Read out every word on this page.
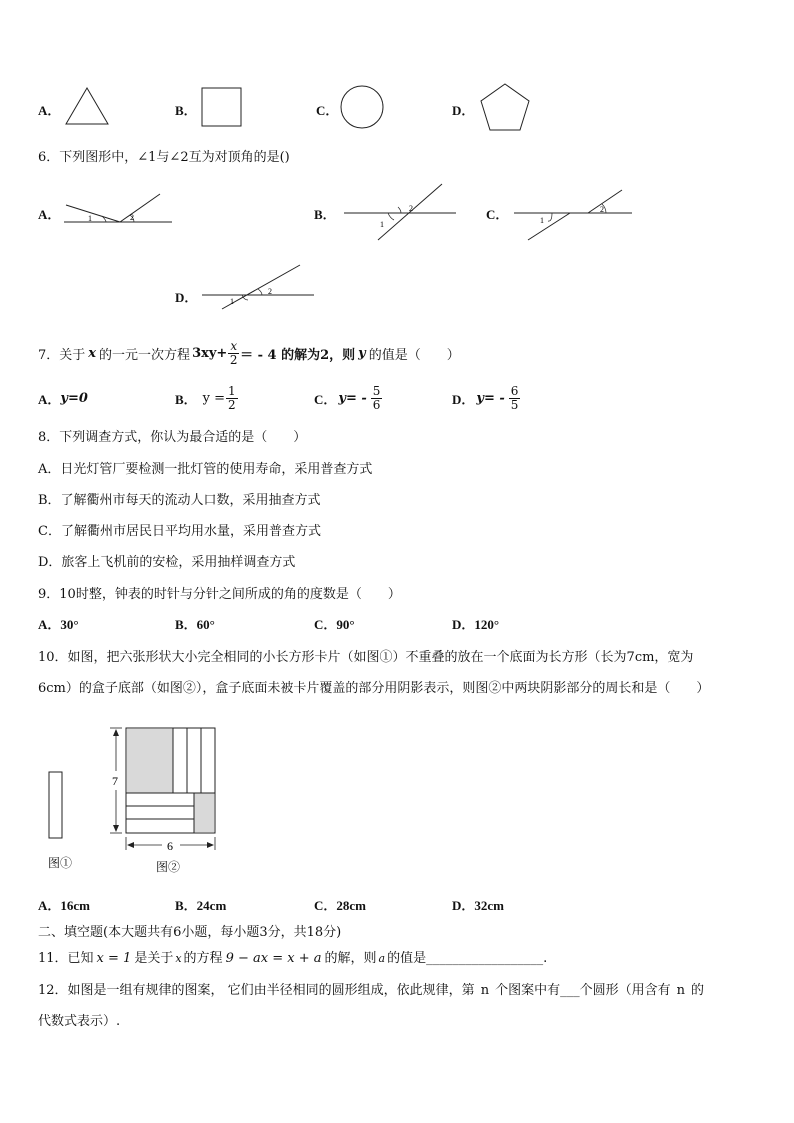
A．	B．	C．	D．
6．下列图形中，∠1与∠2互为对顶角的是()
A．	1	2	B．
1
2	C．	1
2
D．	1
2
7．关于 x 的一元一次方程 $3xy+ \frac{x}{2}$ ＝ - 4 的解为2，则 y 的值是（　　）
A． y=0	B． $y = \frac{1}{2}$	C． $y= - \frac{5}{6}$	D． $y= - \frac{6}{5}$
8．下列调查方式，你认为最合适的是（　　）
A．日光灯管厂要检测一批灯管的使用寿命，采用普查方式
B．了解衢州市每天的流动人口数，采用抽查方式
C．了解衢州市居民日平均用水量，采用普查方式
D．旅客上飞机前的安检，采用抽样调查方式
9．10时整，钟表的时针与分针之间所成的角的度数是（　　）
A．30°	B．60°	C．90°	D．120°
10．如图，把六张形状大小完全相同的小长方形卡片（如图①）不重叠的放在一个底面为长方形（长为7cm，宽为
6cm）的盒子底部（如图②），盒子底面未被卡片覆盖的部分用阴影表示，则图②中两块阴影部分的周长和是（　　）
7
6
图①	图②
A．16cm	B．24cm	C．28cm	D．32cm
二、填空题(本大题共有6小题，每小题3分，共18分)
11．已知 x = 1 是关于 x 的方程 9 − ax = x + a 的解，则 a 的值是 __________________ .
12．如图是一组有规律的图案， 它们由半径相同的圆形组成，依此规律，第 n 个图案中有 ___ 个圆形（用含有 n 的
代数式表示）.
